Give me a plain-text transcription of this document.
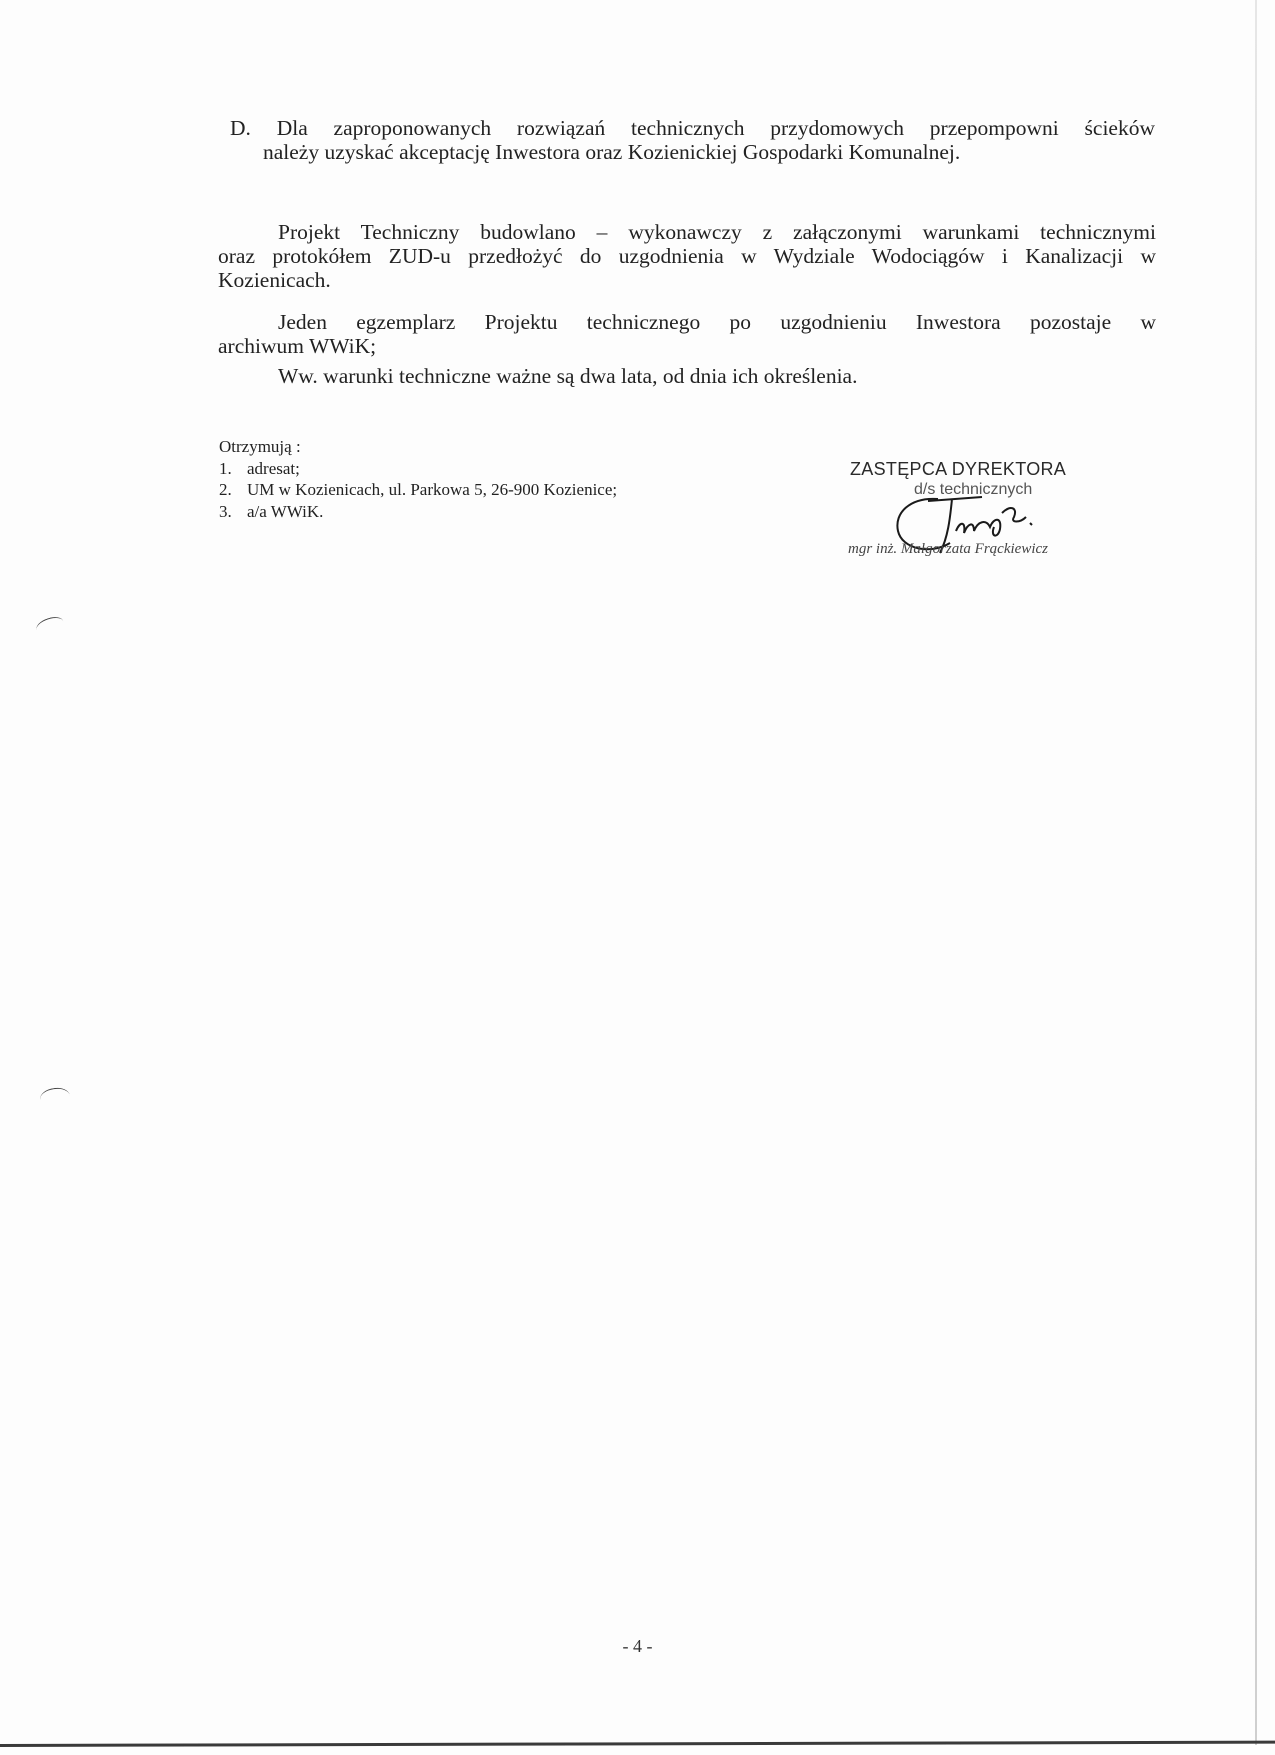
D. Dla zaproponowanych rozwiązań technicznych przydomowych przepompowni ścieków
należy uzyskać akceptację Inwestora oraz Kozienickiej Gospodarki Komunalnej.
Projekt Techniczny budowlano – wykonawczy z załączonymi warunkami technicznymi
oraz protokółem ZUD-u przedłożyć do uzgodnienia w Wydziale Wodociągów i Kanalizacji w
Kozienicach.
Jeden egzemplarz Projektu technicznego po uzgodnieniu Inwestora pozostaje w
archiwum WWiK;
Ww. warunki techniczne ważne są dwa lata, od dnia ich określenia.
Otrzymują :
1. adresat;
2. UM w Kozienicach, ul. Parkowa 5, 26-900 Kozienice;
3. a/a WWiK.
ZASTĘPCA DYREKTORA
d/s technicznych
mgr inż. Małgorzata Frąckiewicz
- 4 -
